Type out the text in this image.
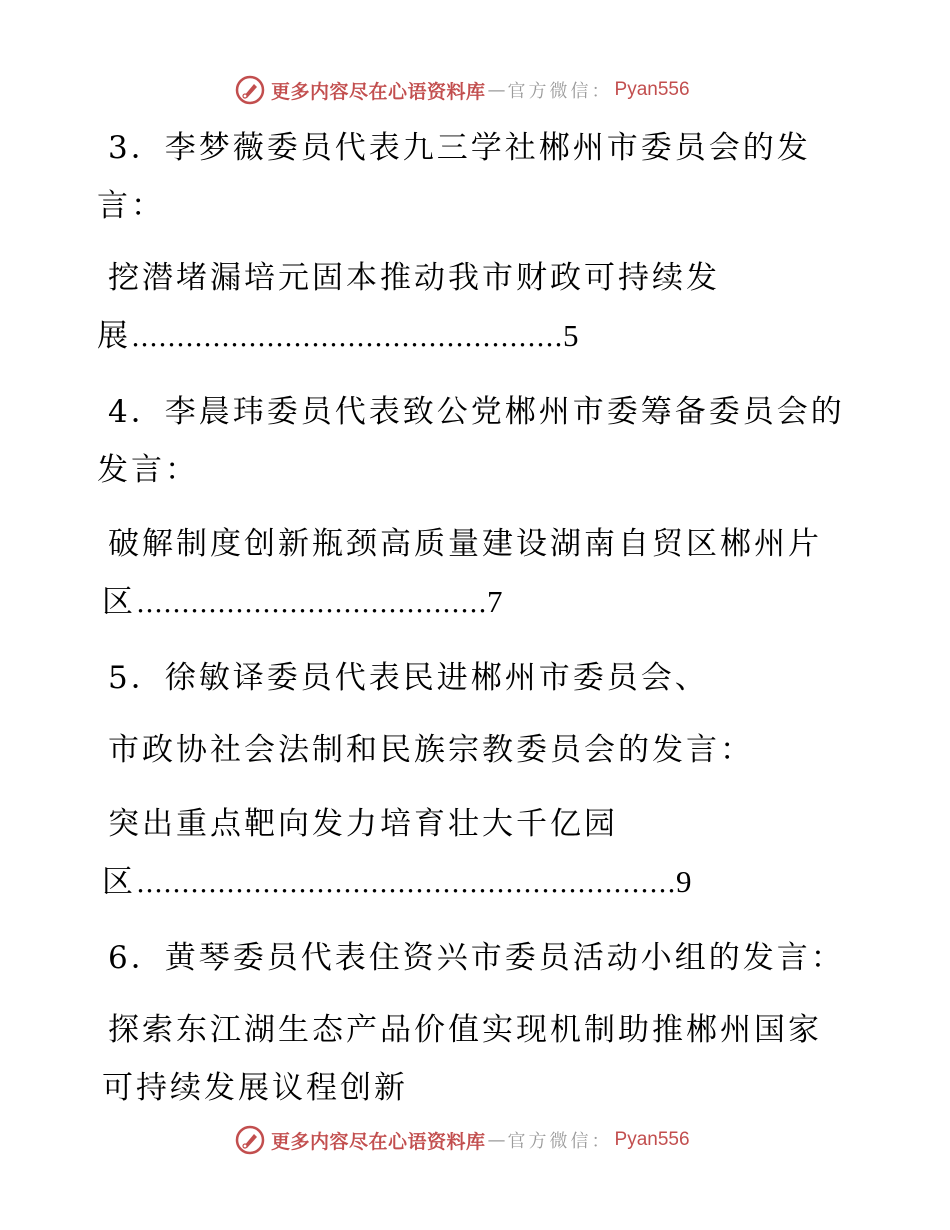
更多内容尽在心语资料库 — 官方微信： Pyan556
3．李梦薇委员代表九三学社郴州市委员会的发
言：
挖潜堵漏培元固本推动我市财政可持续发
展…………………………………………5
4．李晨玮委员代表致公党郴州市委筹备委员会的
发言：
破解制度创新瓶颈高质量建设湖南自贸区郴州片
区…………………………………7
5．徐敏译委员代表民进郴州市委员会、
市政协社会法制和民族宗教委员会的发言：
突出重点靶向发力培育壮大千亿园
区……………………………………………………9
6．黄琴委员代表住资兴市委员活动小组的发言：
探索东江湖生态产品价值实现机制助推郴州国家
可持续发展议程创新
更多内容尽在心语资料库 — 官方微信： Pyan556
